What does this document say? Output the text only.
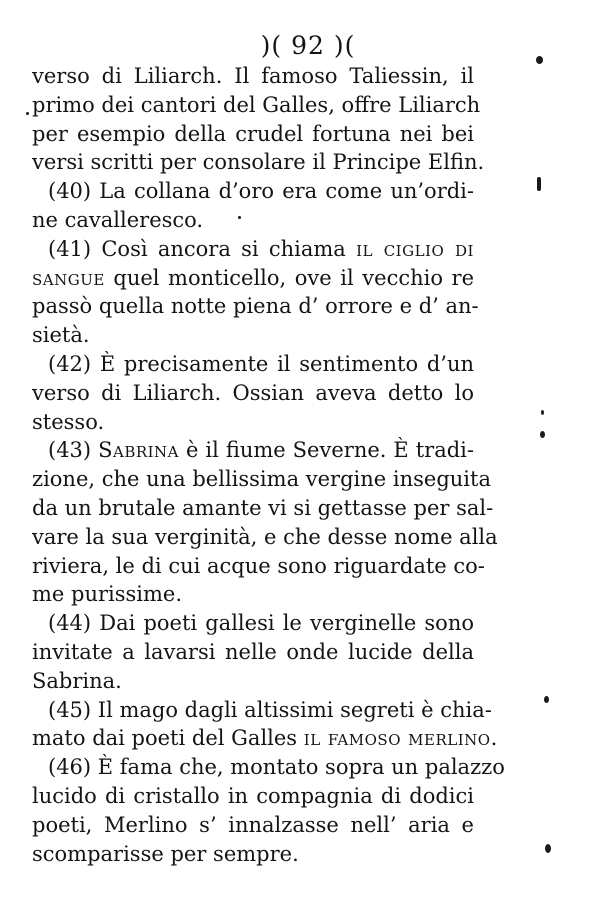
)( 92 )(
verso di Liliarch. Il famoso Taliessin, il
primo dei cantori del Galles, offre Liliarch
per esempio della crudel fortuna nei bei
versi scritti per consolare il Principe Elfin.
(40) La collana d’oro era come un’ordi-
ne cavalleresco.
(41) Così ancora si chiama il ciglio di
sangue quel monticello, ove il vecchio re
passò quella notte piena d’ orrore e d’ an-
sietà.
(42) È precisamente il sentimento d’un
verso di Liliarch. Ossian aveva detto lo
stesso.
(43) Sabrina è il fiume Severne. È tradi-
zione, che una bellissima vergine inseguita
da un brutale amante vi si gettasse per sal-
vare la sua verginità, e che desse nome alla
riviera, le di cui acque sono riguardate co-
me purissime.
(44) Dai poeti gallesi le verginelle sono
invitate a lavarsi nelle onde lucide della
Sabrina.
(45) Il mago dagli altissimi segreti è chia-
mato dai poeti del Galles il famoso merlino.
(46) È fama che, montato sopra un palazzo
lucido di cristallo in compagnia di dodici
poeti, Merlino s’ innalzasse nell’ aria e
scomparisse per sempre.
